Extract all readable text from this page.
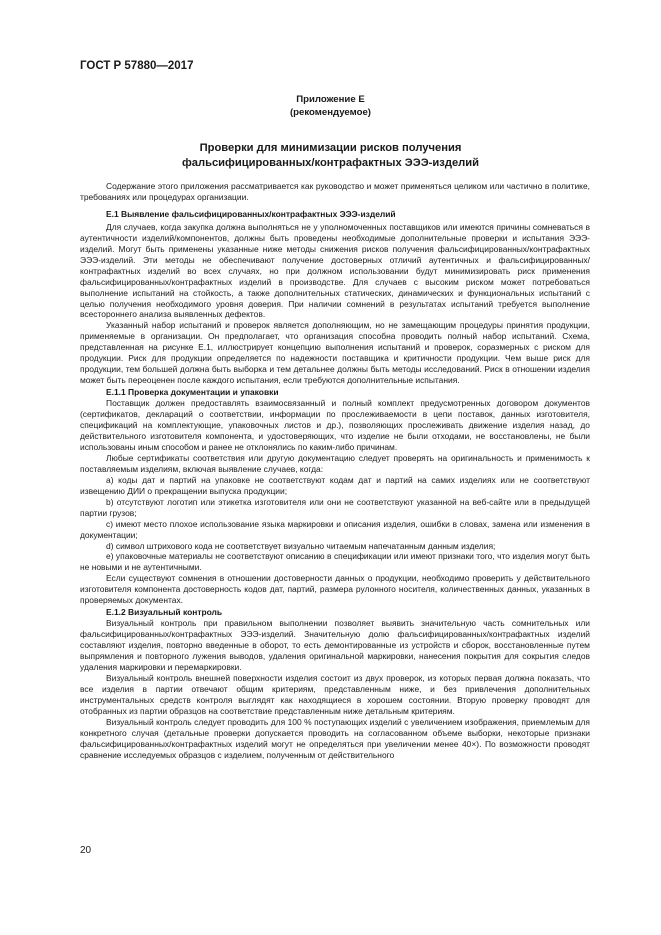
ГОСТ Р 57880—2017
Приложение Е
(рекомендуемое)
Проверки для минимизации рисков получения
фальсифицированных/контрафактных ЭЭЭ-изделий

Содержание этого приложения рассматривается как руководство и может применяться целиком или частично в политике, требованиях или процедурах организации.

Е.1 Выявление фальсифицированных/контрафактных ЭЭЭ-изделий

Для случаев, когда закупка должна выполняться не у уполномоченных поставщиков или имеются причины сомневаться в аутентичности изделий/компонентов, должны быть проведены необходимые дополнительные проверки и испытания ЭЭЭ-изделий. Могут быть применены указанные ниже методы снижения рисков получения фальсифицированных/контрафактных ЭЭЭ-изделий. Эти методы не обеспечивают получение достоверных отличий аутентичных и фальсифицированных/контрафактных изделий во всех случаях, но при должном использовании будут минимизировать риск применения фальсифицированных/контрафактных изделий в производстве. Для случаев с высоким риском может потребоваться выполнение испытаний на стойкость, а также дополнительных статических, динамических и функциональных испытаний с целью получения необходимого уровня доверия. При наличии сомнений в результатах испытаний требуется выполнение всестороннего анализа выявленных дефектов.

Указанный набор испытаний и проверок является дополняющим, но не замещающим процедуры принятия продукции, применяемые в организации. Он предполагает, что организация способна проводить полный набор испытаний. Схема, представленная на рисунке Е.1, иллюстрирует концепцию выполнения испытаний и проверок, соразмерных с риском для продукции. Риск для продукции определяется по надежности поставщика и критичности продукции. Чем выше риск для продукции, тем большей должна быть выборка и тем детальнее должны быть методы исследований. Риск в отношении изделия может быть переоценен после каждого испытания, если требуются дополнительные испытания.

Е.1.1 Проверка документации и упаковки

Поставщик должен предоставлять взаимосвязанный и полный комплект предусмотренных договором документов (сертификатов, деклараций о соответствии, информации по прослеживаемости в цепи поставок, данных изготовителя, спецификаций на комплектующие, упаковочных листов и др.), позволяющих прослеживать движение изделия назад, до действительного изготовителя компонента, и удостоверяющих, что изделие не были отходами, не восстановлены, не были использованы иным способом и ранее не отклонялись по каким-либо причинам.

Любые сертификаты соответствия или другую документацию следует проверять на оригинальность и применимость к поставляемым изделиям, включая выявление случаев, когда:

а) коды дат и партий на упаковке не соответствуют кодам дат и партий на самих изделиях или не соответствуют извещению ДИИ о прекращении выпуска продукции;

b) отсутствуют логотип или этикетка изготовителя или они не соответствуют указанной на веб-сайте или в предыдущей партии грузов;

с) имеют место плохое использование языка маркировки и описания изделия, ошибки в словах, замена или изменения в документации;

d) символ штрихового кода не соответствует визуально читаемым напечатанным данным изделия;

е) упаковочные материалы не соответствуют описанию в спецификации или имеют признаки того, что изделия могут быть не новыми и не аутентичными.

Если существуют сомнения в отношении достоверности данных о продукции, необходимо проверить у действительного изготовителя компонента достоверность кодов дат, партий, размера рулонного носителя, количественных данных, указанных в проверяемых документах.

Е.1.2 Визуальный контроль

Визуальный контроль при правильном выполнении позволяет выявить значительную часть сомнительных или фальсифицированных/контрафактных ЭЭЭ-изделий. Значительную долю фальсифицированных/контрафактных изделий составляют изделия, повторно введенные в оборот, то есть демонтированные из устройств и сборок, восстановленные путем выпрямления и повторного лужения выводов, удаления оригинальной маркировки, нанесения покрытия для сокрытия следов удаления маркировки и перемаркировки.

Визуальный контроль внешней поверхности изделия состоит из двух проверок, из которых первая должна показать, что все изделия в партии отвечают общим критериям, представленным ниже, и без привлечения дополнительных инструментальных средств контроля выглядят как находящиеся в хорошем состоянии. Вторую проверку проводят для отобранных из партии образцов на соответствие представленным ниже детальным критериям.

Визуальный контроль следует проводить для 100 % поступающих изделий с увеличением изображения, приемлемым для конкретного случая (детальные проверки допускается проводить на согласованном объеме выборки, некоторые признаки фальсифицированных/контрафактных изделий могут не определяться при увеличении менее 40×). По возможности проводят сравнение исследуемых образцов с изделием, полученным от действительного

20
